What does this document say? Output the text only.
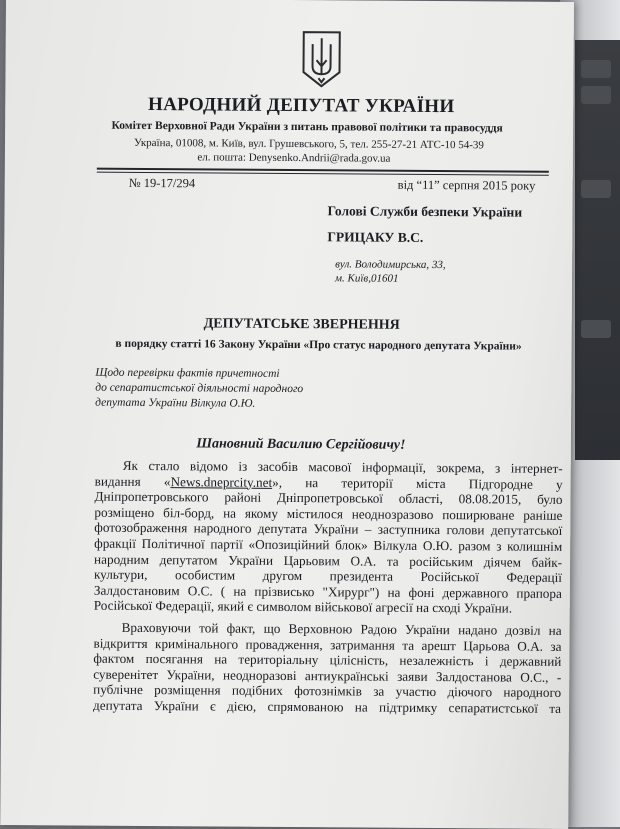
НАРОДНИЙ ДЕПУТАТ УКРАЇНИ
Комітет Верховної Ради України з питань правової політики та правосуддя
Україна, 01008, м. Київ, вул. Грушевського, 5, тел. 255-27-21 АТС-10 54-39
ел. пошта: Denysenko.Andrii@rada.gov.ua
№ 19-17/294	від “11” серпня 2015 року
Голові Служби безпеки України
ГРИЦАКУ В.С.
вул. Володимирська, 33,
м. Київ,01601
ДЕПУТАТСЬКЕ ЗВЕРНЕННЯ
в порядку статті 16 Закону України «Про статус народного депутата України»
Щодо перевірки фактів причетності
до сепаратистської діяльності народного
депутата України Вілкула О.Ю.
Шановний Василию Сергійовичу!

Як стало відомо із засобів масової інформації, зокрема, з інтернет-
видання «News.dneprcity.net», на території міста Підгородне у
Дніпропетровського районі Дніпропетровської області, 08.08.2015, було
розміщено біл-борд, на якому містилося неоднозразово поширюване раніше
фотозображення народного депутата України – заступника голови депутатської
фракції Політичної партії «Опозиційний блок» Вілкула О.Ю. разом з колишнім
народним депутатом України Царьовим О.А. та російським діячем байк-
культури, особистим другом президента Російської Федерації
Залдостановим О.С. ( на прізвисько "Хирург") на фоні державного прапора
Російської Федерації, який є символом військової агресії на сході України.

Враховуючи той факт, що Верховною Радою України надано дозвіл на
відкриття кримінального провадження, затримання та арешт Царьова О.А. за
фактом посягання на територіальну цілісність, незалежність і державний
суверенітет України, неодноразові антиукраїнські заяви Залдостанова О.С., -
публічне розміщення подібних фотознімків за участю діючого народного
депутата України є дією, спрямованою на підтримку сепаратистської та
